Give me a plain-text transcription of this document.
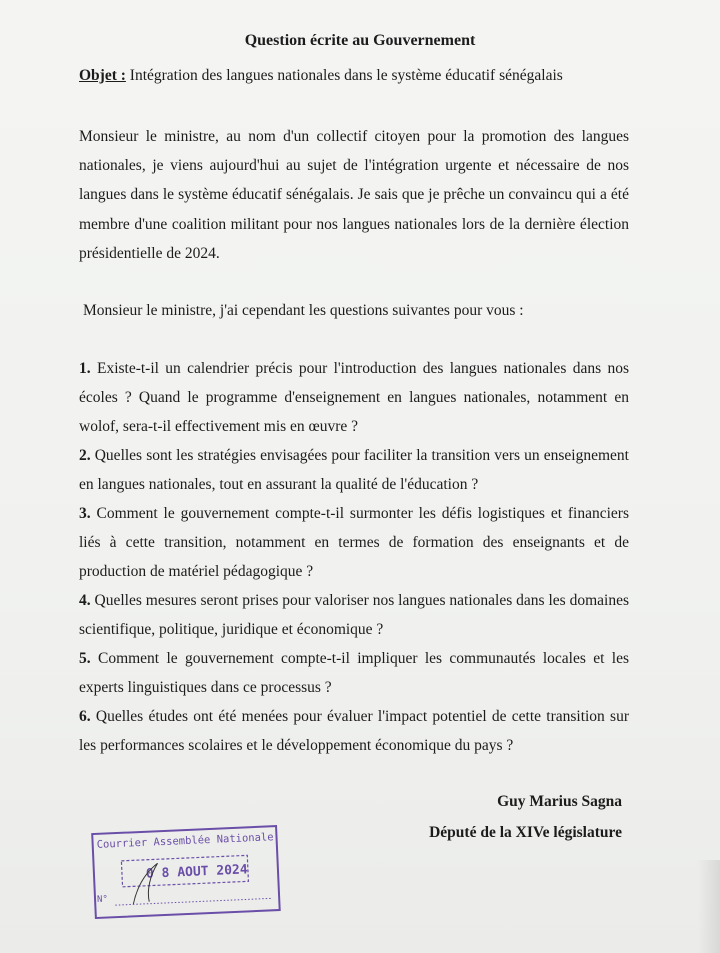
Question écrite au Gouvernement
Objet : Intégration des langues nationales dans le système éducatif sénégalais
Monsieur le ministre, au nom d'un collectif citoyen pour la promotion des langues nationales, je viens aujourd'hui au sujet de l'intégration urgente et nécessaire de nos langues dans le système éducatif sénégalais. Je sais que je prêche un convaincu qui a été membre d'une coalition militant pour nos langues nationales lors de la dernière élection présidentielle de 2024.
Monsieur le ministre, j'ai cependant les questions suivantes pour vous :

1. Existe-t-il un calendrier précis pour l'introduction des langues nationales dans nos écoles ? Quand le programme d'enseignement en langues nationales, notamment en wolof, sera-t-il effectivement mis en œuvre ?

2. Quelles sont les stratégies envisagées pour faciliter la transition vers un enseignement en langues nationales, tout en assurant la qualité de l'éducation ?

3. Comment le gouvernement compte-t-il surmonter les défis logistiques et financiers liés à cette transition, notamment en termes de formation des enseignants et de production de matériel pédagogique ?

4. Quelles mesures seront prises pour valoriser nos langues nationales dans les domaines scientifique, politique, juridique et économique ?

5. Comment le gouvernement compte-t-il impliquer les communautés locales et les experts linguistiques dans ce processus ?

6. Quelles études ont été menées pour évaluer l'impact potentiel de cette transition sur les performances scolaires et le développement économique du pays ?

Guy Marius Sagna
Député de la XIVe législature
Courrier Assemblée Nationale
0 8 AOUT 2024
N°
